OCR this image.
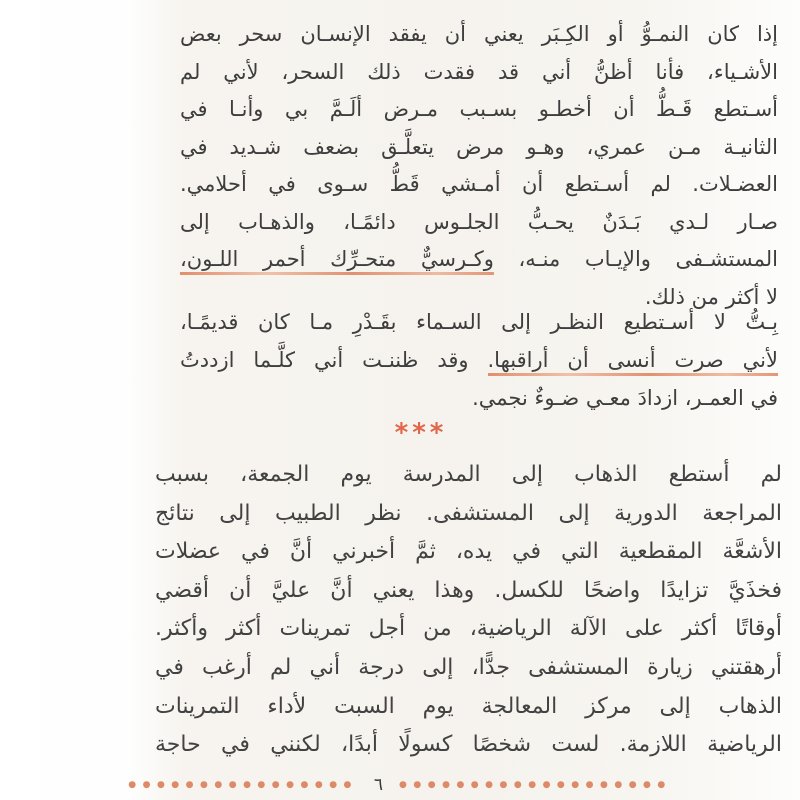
إذا كان النمـوُّ أو الكِـبَر يعني أن يفقد الإنسـان سحر بعض
الأشـياء، فأنا أظنُّ أني قد فقدت ذلك السحر، لأني لم
أسـتطع قَـطُّ أن أخطـو بسـبب مـرض ألَـمَّ بي وأنـا في
الثانيـة مـن عمري، وهـو مرض يتعلَّـق بضعف شـديد في
العضـلات. لم أسـتطع أن أمـشي قَطُّ سـوى في أحلامي.
صـار لـدي بَـدَنٌ يحـبُّ الجلـوس دائمًـا، والذهـاب إلى
المستشـفى والإيـاب منـه، وكـرسيٌّ متحـرِّك أحمر اللـون،
لا أكثر من ذلك.
بِـتُّ لا أسـتطيع النظـر إلى السـماء بقَـدْرِ مـا كان قديمًـا،
لأني صرت أنسى أن أراقبها. وقد ظننـت أني كلَّـما ازددتُ
في العمـر، ازدادَ معـي ضـوءٌ نجمي.
***
لم أستطع الذهاب إلى المدرسة يوم الجمعة، بسبب
المراجعة الدورية إلى المستشفى. نظر الطبيب إلى نتائج
الأشعَّة المقطعية التي في يده، ثمَّ أخبرني أنَّ في عضلات
فخذَيَّ تزايدًا واضحًا للكسل. وهذا يعني أنَّ عليَّ أن أقضي
أوقاتًا أكثر على الآلة الرياضية، من أجل تمرينات أكثر وأكثر.
أرهقتني زيارة المستشفى جدًّا، إلى درجة أني لم أرغب في
الذهاب إلى مركز المعالجة يوم السبت لأداء التمرينات
الرياضية اللازمة. لست شخصًا كسولًا أبدًا، لكنني في حاجة
●●●●●●●●●●●●●●●● ٦ ●●●●●●●●●●●●●●●●●●●
